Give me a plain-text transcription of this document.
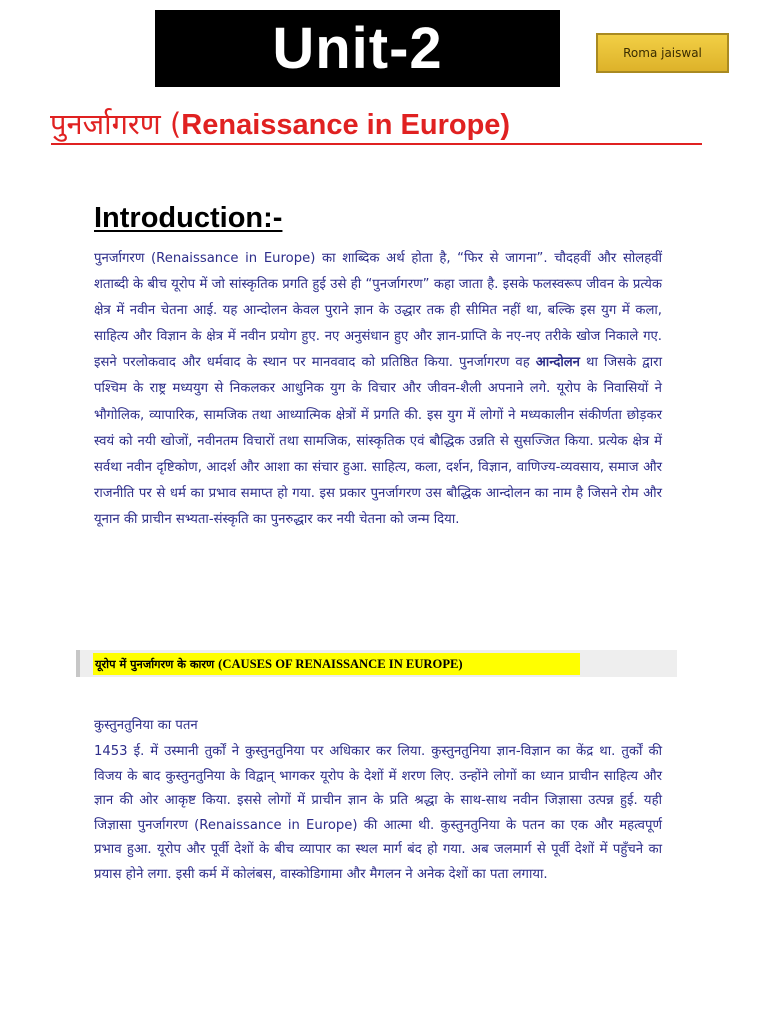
Unit-2	Roma jaiswal
पुनर्जागरण (Renaissance in Europe)
Introduction:-
पुनर्जागरण (Renaissance in Europe) का शाब्दिक अर्थ होता है, “फिर से जागना”. चौदहवीं और सोलहवीं शताब्दी के बीच यूरोप में जो सांस्कृतिक प्रगति हुई उसे ही “पुनर्जागरण” कहा जाता है. इसके फलस्वरूप जीवन के प्रत्येक क्षेत्र में नवीन चेतना आई. यह आन्दोलन केवल पुराने ज्ञान के उद्धार तक ही सीमित नहीं था, बल्कि इस युग में कला, साहित्य और विज्ञान के क्षेत्र में नवीन प्रयोग हुए. नए अनुसंधान हुए और ज्ञान-प्राप्ति के नए-नए तरीके खोज निकाले गए. इसने परलोकवाद और धर्मवाद के स्थान पर मानववाद को प्रतिष्ठित किया. पुनर्जागरण वह आन्दोलन था जिसके द्वारा पश्चिम के राष्ट्र मध्ययुग से निकलकर आधुनिक युग के विचार और जीवन-शैली अपनाने लगे. यूरोप के निवासियों ने भौगोलिक, व्यापारिक, सामजिक तथा आध्यात्मिक क्षेत्रों में प्रगति की. इस युग में लोगों ने मध्यकालीन संकीर्णता छोड़कर स्वयं को नयी खोजों, नवीनतम विचारों तथा सामजिक, सांस्कृतिक एवं बौद्धिक उन्नति से सुसज्जित किया. प्रत्येक क्षेत्र में सर्वथा नवीन दृष्टिकोण, आदर्श और आशा का संचार हुआ. साहित्य, कला, दर्शन, विज्ञान, वाणिज्य-व्यवसाय, समाज और राजनीति पर से धर्म का प्रभाव समाप्त हो गया. इस प्रकार पुनर्जागरण उस बौद्धिक आन्दोलन का नाम है जिसने रोम और यूनान की प्राचीन सभ्यता-संस्कृति का पुनरुद्धार कर नयी चेतना को जन्म दिया.
यूरोप में पुनर्जागरण के कारण (CAUSES OF RENAISSANCE IN EUROPE)
कुस्तुनतुनिया का पतन
1453 ई. में उस्मानी तुर्कों ने कुस्तुनतुनिया पर अधिकार कर लिया. कुस्तुनतुनिया ज्ञान-विज्ञान का केंद्र था. तुर्कों की विजय के बाद कुस्तुनतुनिया के विद्वान् भागकर यूरोप के देशों में शरण लिए. उन्होंने लोगों का ध्यान प्राचीन साहित्य और ज्ञान की ओर आकृष्ट किया. इससे लोगों में प्राचीन ज्ञान के प्रति श्रद्धा के साथ-साथ नवीन जिज्ञासा उत्पन्न हुई. यही जिज्ञासा पुनर्जागरण (Renaissance in Europe) की आत्मा थी. कुस्तुनतुनिया के पतन का एक और महत्वपूर्ण प्रभाव हुआ. यूरोप और पूर्वी देशों के बीच व्यापार का स्थल मार्ग बंद हो गया. अब जलमार्ग से पूर्वी देशों में पहुँचने का प्रयास होने लगा. इसी कर्म में कोलंबस, वास्कोडिगामा और मैगलन ने अनेक देशों का पता लगाया.
